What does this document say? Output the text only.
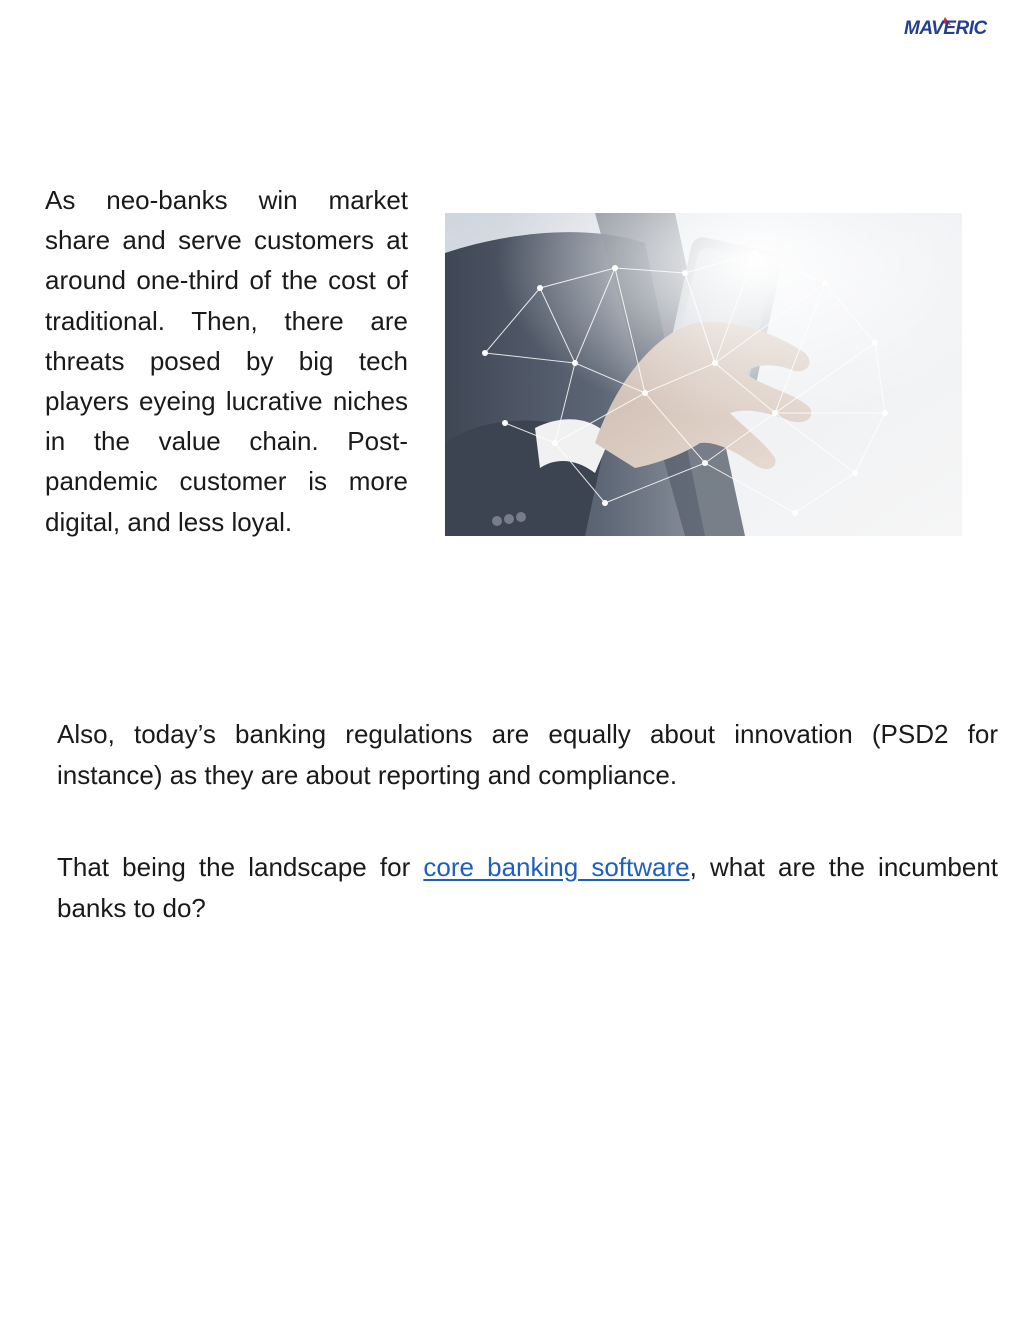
MAVERIC

As neo-banks win market share and serve customers at around one-third of the cost of traditional. Then, there are threats posed by big tech players eyeing lucrative niches in the value chain. Post-pandemic customer is more digital, and less loyal.

Also, today’s banking regulations are equally about innovation (PSD2 for instance) as they are about reporting and compliance.

That being the landscape for core banking software, what are the incumbent banks to do?
